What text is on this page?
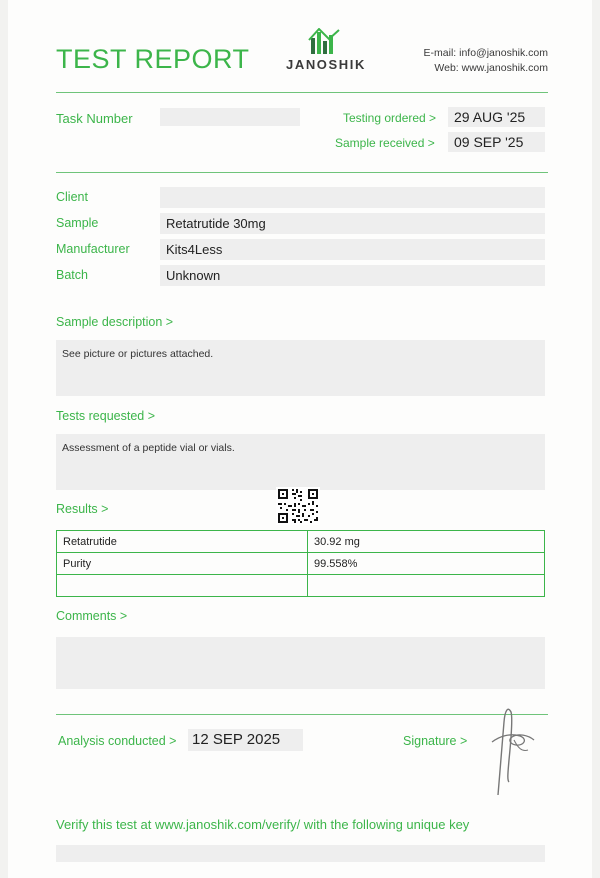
TEST REPORT	JANOSHIK
E-mail: info@janoshik.com
Web: www.janoshik.com
Task Number	Testing ordered >	29 AUG '25
Sample received >	09 SEP '25
Client
Sample	Retatrutide 30mg
Manufacturer	Kits4Less
Batch	Unknown
Sample description >
See picture or pictures attached.
Tests requested >
Assessment of a peptide vial or vials.
Results >
Retatrutide	30.92 mg
Purity	99.558%

Comments >
Analysis conducted > 12 SEP 2025	Signature >
Verify this test at www.janoshik.com/verify/ with the following unique key
